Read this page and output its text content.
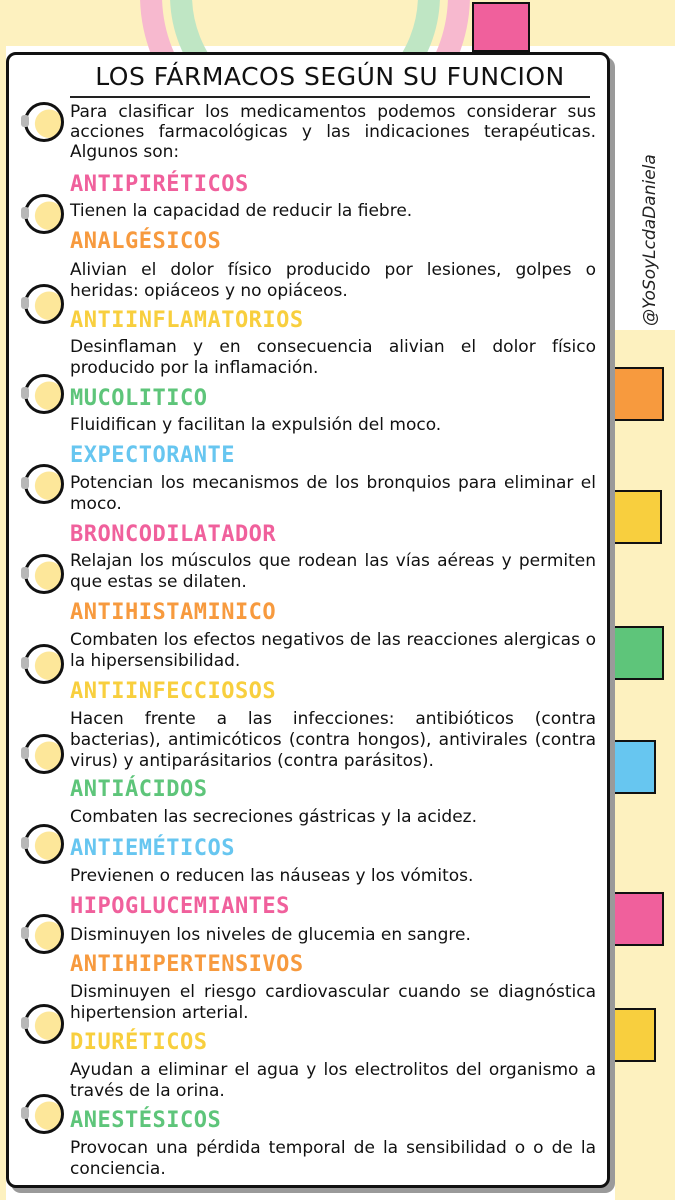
@YoSoyLcdaDaniela
LOS FÁRMACOS SEGÚN SU FUNCION

Para clasificar los medicamentos podemos considerar sus acciones farmacológicas y las indicaciones terapéuticas. Algunos son:

ANTIPIRÉTICOS

Tienen la capacidad de reducir la fiebre.

ANALGÉSICOS

Alivian el dolor físico producido por lesiones, golpes o heridas: opiáceos y no opiáceos.

ANTIINFLAMATORIOS

Desinflaman y en consecuencia alivian el dolor físico producido por la inflamación.

MUCOLITICO

Fluidifican y facilitan la expulsión del moco.

EXPECTORANTE

Potencian los mecanismos de los bronquios para eliminar el moco.

BRONCODILATADOR

Relajan los músculos que rodean las vías aéreas y permiten que estas se dilaten.

ANTIHISTAMINICO

Combaten los efectos negativos de las reacciones alergicas o la hipersensibilidad.

ANTIINFECCIOSOS

Hacen frente a las infecciones: antibióticos (contra bacterias), antimicóticos (contra hongos), antivirales (contra virus) y antiparásitarios (contra parásitos).

ANTIÁCIDOS

Combaten las secreciones gástricas y la acidez.

ANTIEMÉTICOS

Previenen o reducen las náuseas y los vómitos.

HIPOGLUCEMIANTES

Disminuyen los niveles de glucemia en sangre.

ANTIHIPERTENSIVOS

Disminuyen el riesgo cardiovascular cuando se diagnóstica hipertension arterial.

DIURÉTICOS

Ayudan a eliminar el agua y los electrolitos del organismo a través de la orina.

ANESTÉSICOS

Provocan una pérdida temporal de la sensibilidad o o de la conciencia.
